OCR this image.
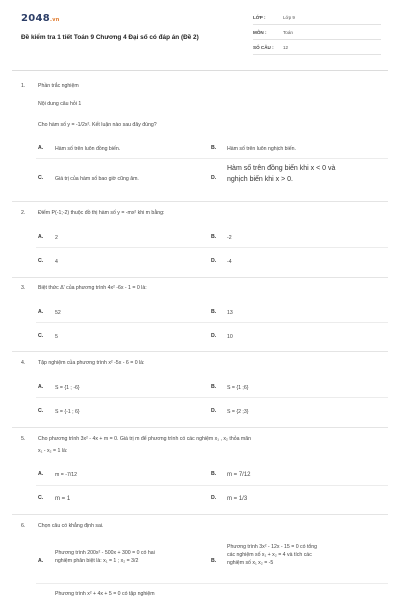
2048.vn
Đề kiểm tra 1 tiết Toán 9 Chương 4 Đại số có đáp án (Đề 2)
LỚP :	Lớp 9
MÔN :	Toán
SỐ CÂU : 12
1. Phần trắc nghiệm
Nội dung câu hỏi 1
Cho hàm số y = -1/2x². Kết luận nào sau đây đúng?
A. Hàm số trên luôn đồng biến.	B. Hàm số trên luôn nghịch biến.
C. Giá trị của hàm số bao giờ cũng âm.	D.
Hàm số trên đồng biến khi x < 0 và
nghịch biến khi x > 0.
2. Điểm P(-1;-2) thuộc đồ thị hàm số y = -mx² khi m bằng:
A. 2	B. -2
C. 4	D. -4
3. Biệt thức Δ' của phương trình 4x² -6x - 1 = 0 là:
A. 52	B. 13
C. 5	D. 10
4. Tập nghiệm của phương trình x² -5x - 6 = 0 là:
A. S = {1 ; -6}	B. S = {1 ;6}
C. S = {-1 ; 6}	D. S = {2 ;3}
5. Cho phương trình 3x² - 4x + m = 0. Giá trị m để phương trình có các nghiệm x₁ , x₂ thỏa mãn
x₁ - x₂ = 1 là:
A. m = -7/12	B. m = 7/12
C. m = 1	D. m = 1/3
6. Chọn câu có khẳng định sai.
A.
Phương trình 200x² - 500x + 300 = 0 có hai
nghiệm phân biệt là: x₁ = 1 ; x₂ = 3/2	B.
Phương trình 3x² - 12x - 15 = 0 có tổng
các nghiệm số x₁ + x₂ = 4 và tích các
nghiệm số x₁ x₂ = -5
Phương trình x² + 4x + 5 = 0 có tập nghiệm
